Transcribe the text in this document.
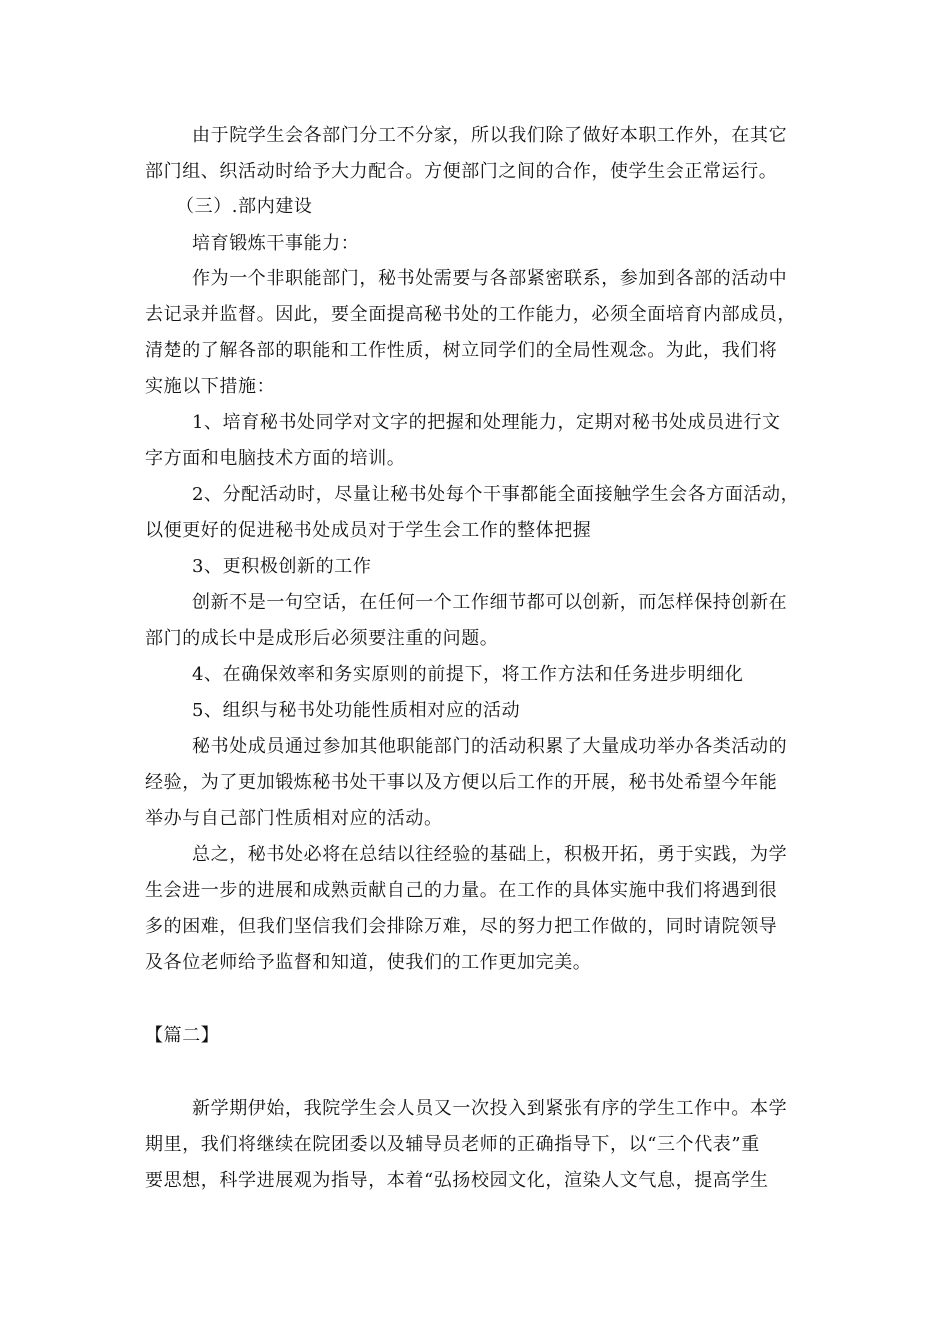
由于院学生会各部门分工不分家，所以我们除了做好本职工作外，在其它
部门组、织活动时给予大力配合。方便部门之间的合作，使学生会正常运行。
（三）.部内建设
培育锻炼干事能力：
作为一个非职能部门，秘书处需要与各部紧密联系，参加到各部的活动中
去记录并监督。因此，要全面提高秘书处的工作能力，必须全面培育内部成员，
清楚的了解各部的职能和工作性质，树立同学们的全局性观念。为此，我们将
实施以下措施：
1、培育秘书处同学对文字的把握和处理能力，定期对秘书处成员进行文
字方面和电脑技术方面的培训。
2、分配活动时，尽量让秘书处每个干事都能全面接触学生会各方面活动，
以便更好的促进秘书处成员对于学生会工作的整体把握
3、更积极创新的工作
创新不是一句空话，在任何一个工作细节都可以创新，而怎样保持创新在
部门的成长中是成形后必须要注重的问题。
4、在确保效率和务实原则的前提下，将工作方法和任务进步明细化
5、组织与秘书处功能性质相对应的活动
秘书处成员通过参加其他职能部门的活动积累了大量成功举办各类活动的
经验，为了更加锻炼秘书处干事以及方便以后工作的开展，秘书处希望今年能
举办与自己部门性质相对应的活动。
总之，秘书处必将在总结以往经验的基础上，积极开拓，勇于实践，为学
生会进一步的进展和成熟贡献自己的力量。在工作的具体实施中我们将遇到很
多的困难，但我们坚信我们会排除万难，尽的努力把工作做的，同时请院领导
及各位老师给予监督和知道，使我们的工作更加完美。
【篇二】
新学期伊始，我院学生会人员又一次投入到紧张有序的学生工作中。本学
期里，我们将继续在院团委以及辅导员老师的正确指导下，以“三个代表”重
要思想，科学进展观为指导，本着“弘扬校园文化，渲染人文气息，提高学生
